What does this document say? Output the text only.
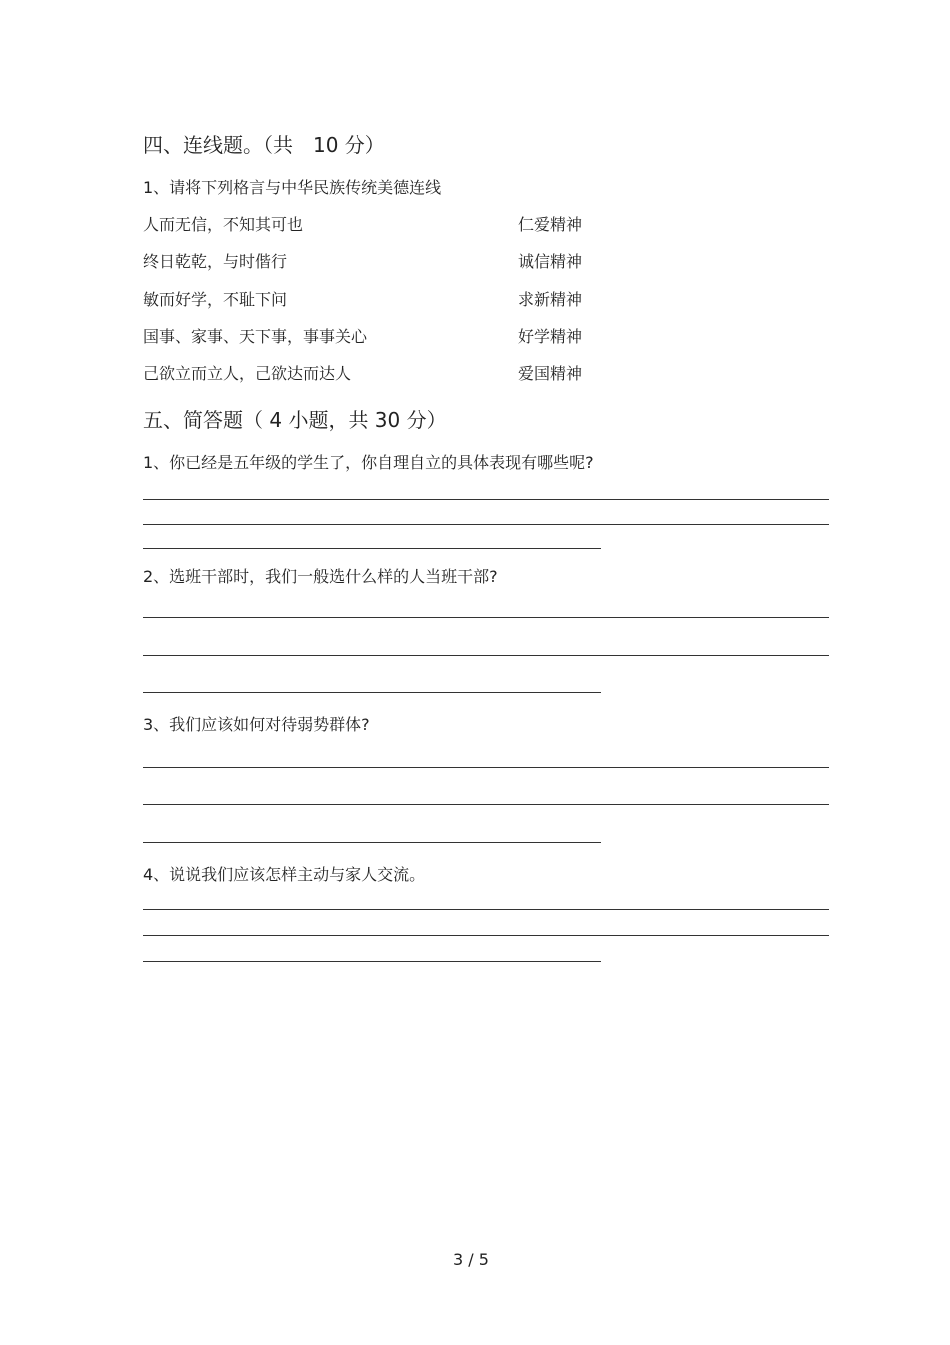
四、连线题。（共　10 分）
1、请将下列格言与中华民族传统美德连线
人而无信，不知其可也	仁爱精神
终日乾乾，与时偕行	诚信精神
敏而好学，不耻下问	求新精神
国事、家事、天下事，事事关心	好学精神
己欲立而立人，己欲达而达人	爱国精神
五、简答题（ 4 小题，共 30 分）
1、你已经是五年级的学生了，你自理自立的具体表现有哪些呢?
2、选班干部时，我们一般选什么样的人当班干部?
3、我们应该如何对待弱势群体?
4、说说我们应该怎样主动与家人交流。
3 / 5
